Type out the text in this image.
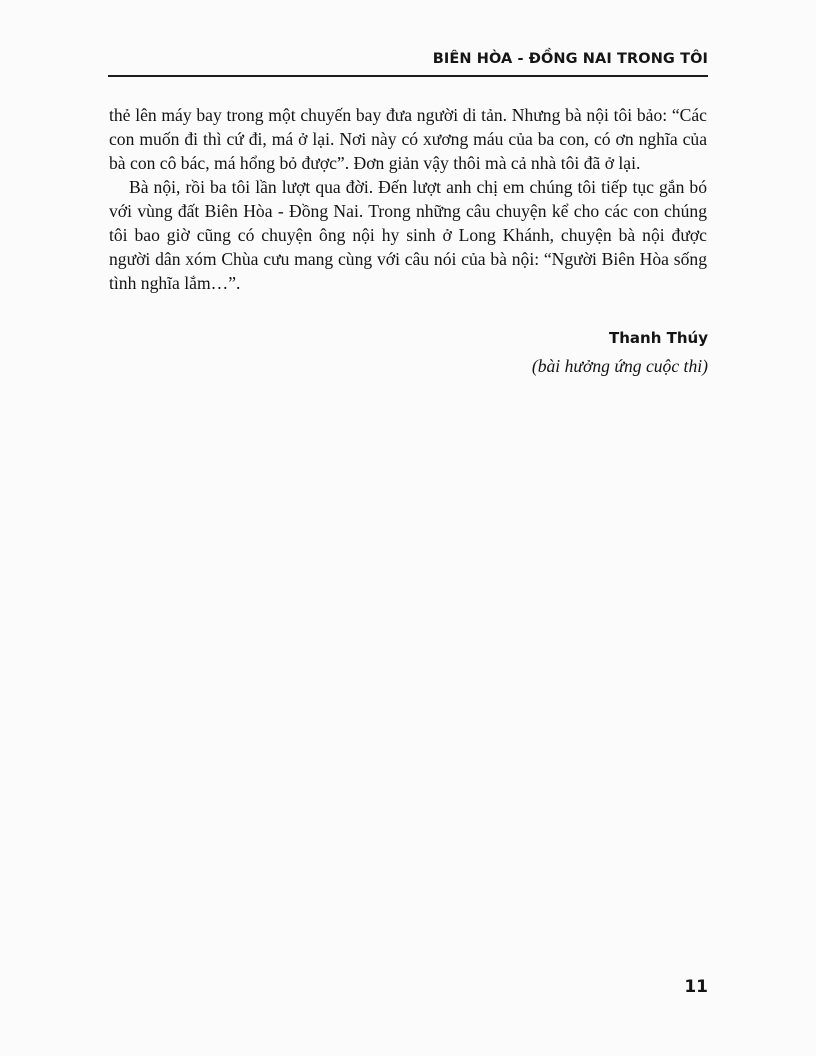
BIÊN HÒA - ĐỒNG NAI TRONG TÔI

thẻ lên máy bay trong một chuyến bay đưa người di tản. Nhưng bà nội tôi bảo: “Các con muốn đi thì cứ đi, má ở lại. Nơi này có xương máu của ba con, có ơn nghĩa của bà con cô bác, má hổng bỏ được”. Đơn giản vậy thôi mà cả nhà tôi đã ở lại.

Bà nội, rồi ba tôi lần lượt qua đời. Đến lượt anh chị em chúng tôi tiếp tục gắn bó với vùng đất Biên Hòa - Đồng Nai. Trong những câu chuyện kể cho các con chúng tôi bao giờ cũng có chuyện ông nội hy sinh ở Long Khánh, chuyện bà nội được người dân xóm Chùa cưu mang cùng với câu nói của bà nội: “Người Biên Hòa sống tình nghĩa lắm…”.

Thanh Thúy
(bài hưởng ứng cuộc thi)
11
